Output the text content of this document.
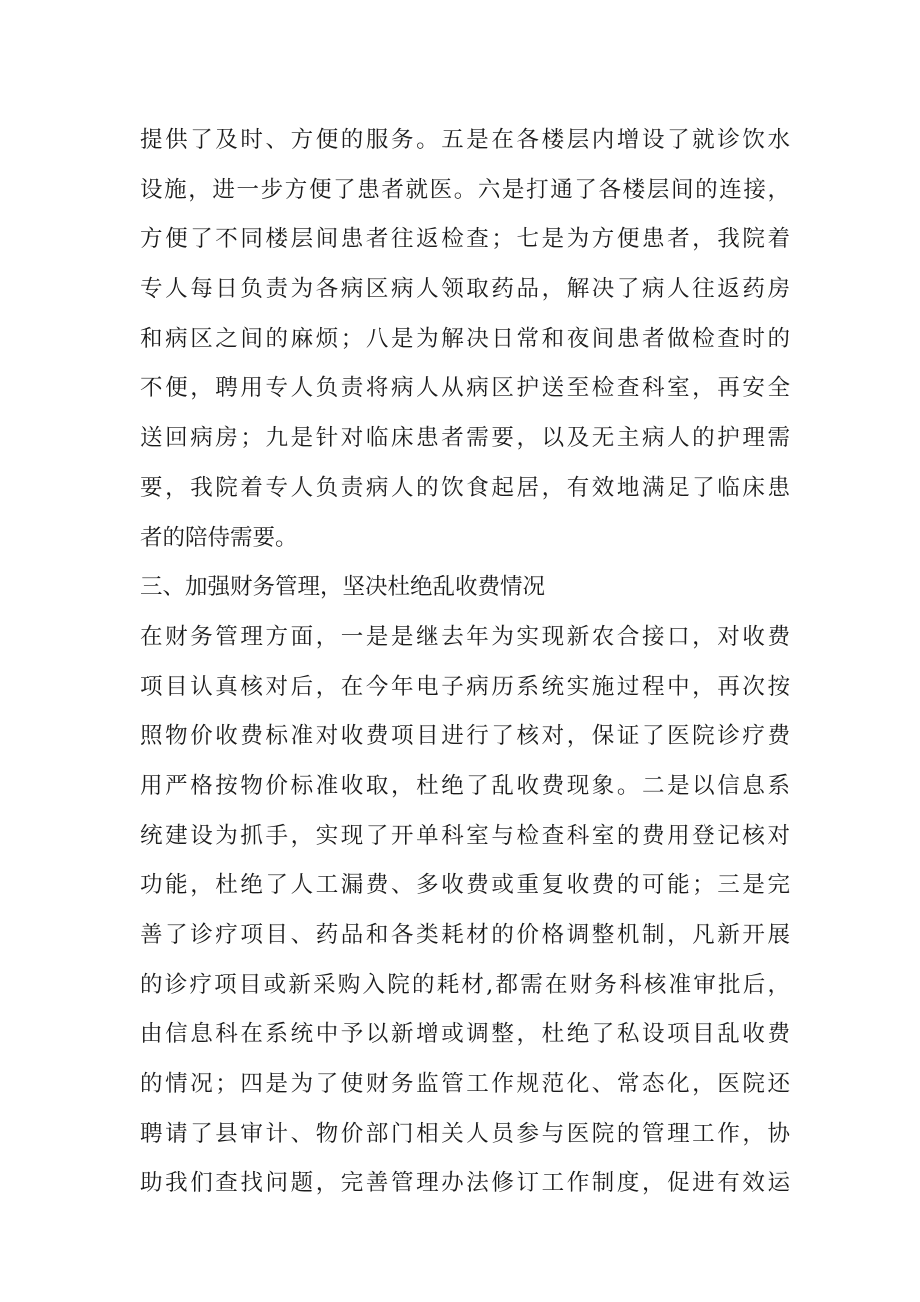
提供了及时、方便的服务。五是在各楼层内增设了就诊饮水
设施，进一步方便了患者就医。六是打通了各楼层间的连接，
方便了不同楼层间患者往返检查；七是为方便患者，我院着
专人每日负责为各病区病人领取药品，解决了病人往返药房
和病区之间的麻烦；八是为解决日常和夜间患者做检查时的
不便，聘用专人负责将病人从病区护送至检查科室，再安全
送回病房；九是针对临床患者需要，以及无主病人的护理需
要，我院着专人负责病人的饮食起居，有效地满足了临床患
者的陪侍需要。
三、加强财务管理，坚决杜绝乱收费情况
在财务管理方面，一是是继去年为实现新农合接口，对收费
项目认真核对后，在今年电子病历系统实施过程中，再次按
照物价收费标准对收费项目进行了核对，保证了医院诊疗费
用严格按物价标准收取，杜绝了乱收费现象。二是以信息系
统建设为抓手，实现了开单科室与检查科室的费用登记核对
功能，杜绝了人工漏费、多收费或重复收费的可能；三是完
善了诊疗项目、药品和各类耗材的价格调整机制，凡新开展
的诊疗项目或新采购入院的耗材,都需在财务科核准审批后，
由信息科在系统中予以新增或调整，杜绝了私设项目乱收费
的情况；四是为了使财务监管工作规范化、常态化，医院还
聘请了县审计、物价部门相关人员参与医院的管理工作，协
助我们查找问题，完善管理办法修订工作制度，促进有效运
